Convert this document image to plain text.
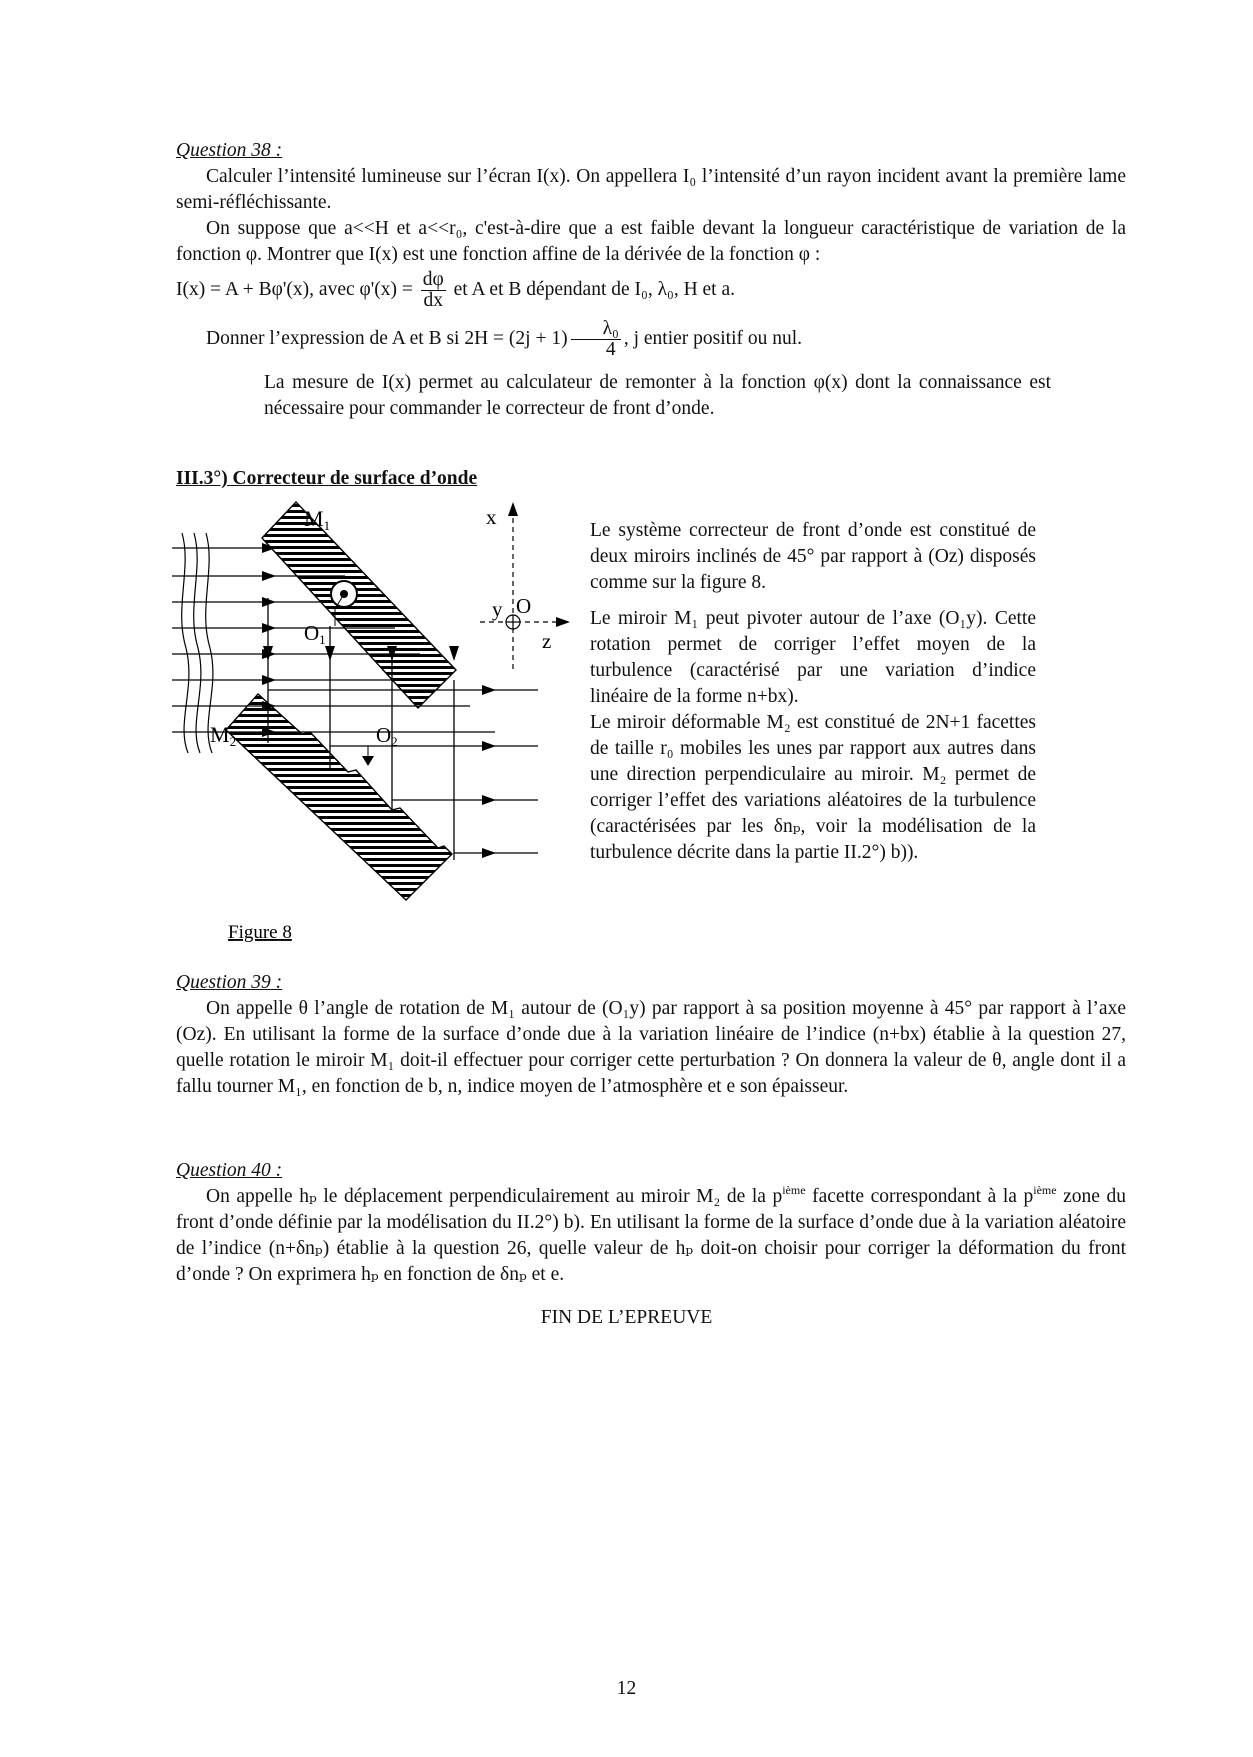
Question 38 :
Calculer l’intensité lumineuse sur l’écran I(x). On appellera I₀ l’intensité d’un rayon incident avant la première lame semi-réfléchissante.
On suppose que a<<H et a<<r₀, c'est-à-dire que a est faible devant la longueur caractéristique de variation de la fonction φ. Montrer que I(x) est une fonction affine de la dérivée de la fonction φ :
I(x) = A + Bφ'(x), avec $\varphi'(x) = \frac{d\varphi}{dx}$ et A et B dépendant de I₀, λ₀, H et a.
Donner l’expression de A et B si $2H = (2j + 1) \frac{\text{λ₀}}{4}$ , j entier positif ou nul.
La mesure de I(x) permet au calculateur de remonter à la fonction φ(x) dont la connaissance est nécessaire pour commander le correcteur de front d’onde.
III.3°) Correcteur de surface d’onde
M1
O1
M2	O2
x
y O
z
Figure 8

Le système correcteur de front d’onde est constitué de deux miroirs inclinés de 45° par rapport à (Oz) disposés comme sur la figure 8.

Le miroir M₁ peut pivoter autour de l’axe (O₁y). Cette rotation permet de corriger l’effet moyen de la turbulence (caractérisé par une variation d’indice linéaire de la forme n+bx).

Le miroir déformable M₂ est constitué de 2N+1 facettes de taille r₀ mobiles les unes par rapport aux autres dans une direction perpendiculaire au miroir. M₂ permet de corriger l’effet des variations aléatoires de la turbulence (caractérisées par les δnₚ, voir la modélisation de la turbulence décrite dans la partie II.2°) b)).

Question 39 :
On appelle θ l’angle de rotation de M₁ autour de (O₁y) par rapport à sa position moyenne à 45° par rapport à l’axe (Oz). En utilisant la forme de la surface d’onde due à la variation linéaire de l’indice (n+bx) établie à la question 27, quelle rotation le miroir M₁ doit-il effectuer pour corriger cette perturbation ? On donnera la valeur de θ, angle dont il a fallu tourner M₁, en fonction de b, n, indice moyen de l’atmosphère et e son épaisseur.
Question 40 :
On appelle hₚ le déplacement perpendiculairement au miroir M₂ de la $p^{ième}$ facette correspondant à la $p^{ième}$ zone du front d’onde définie par la modélisation du II.2°) b). En utilisant la forme de la surface d’onde due à la variation aléatoire de l’indice (n+δnₚ) établie à la question 26, quelle valeur de hₚ doit-on choisir pour corriger la déformation du front d’onde ? On exprimera hₚ en fonction de δnₚ et e.
FIN DE L’EPREUVE
12
